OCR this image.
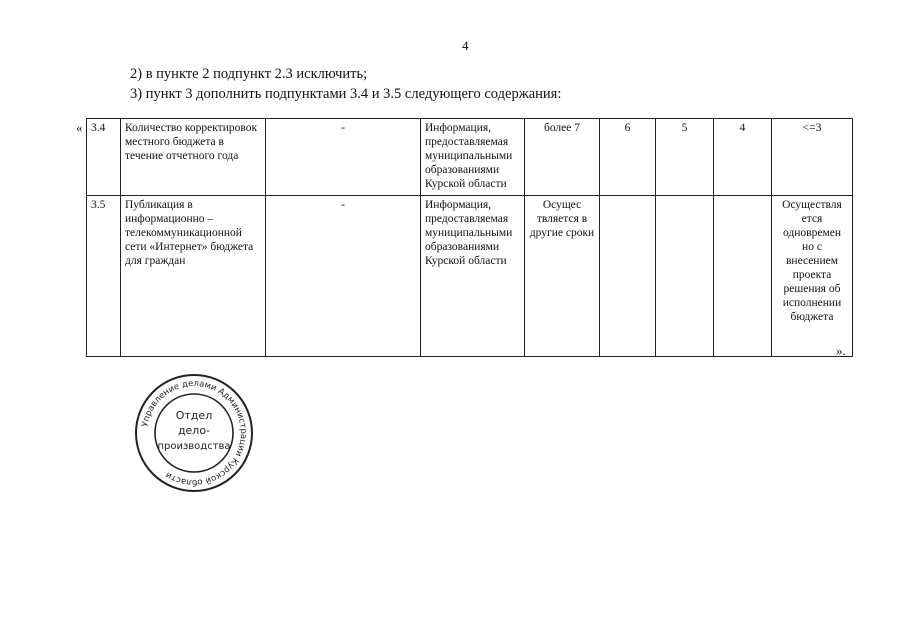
4
2) в пункте 2 подпункт 2.3 исключить;
3) пункт 3 дополнить подпунктами 3.4 и 3.5 следующего содержания:
« 3.4	Количество корректировок местного бюджета в течение отчетного года	-	Информация, предоставляемая муниципальными образованиями Курской области	более 7	6	5	4	<=3
3.5	Публикация в информационно – телекоммуникационной сети «Интернет» бюджета для граждан	-	Информация, предоставляемая муниципальными образованиями Курской области	Осущес твляется в другие сроки				Осуществля ется одновремен но с внесением проекта решения об исполнении бюджета
».
Управление делами Администрации Курской области
Отдел
дело-
производства
